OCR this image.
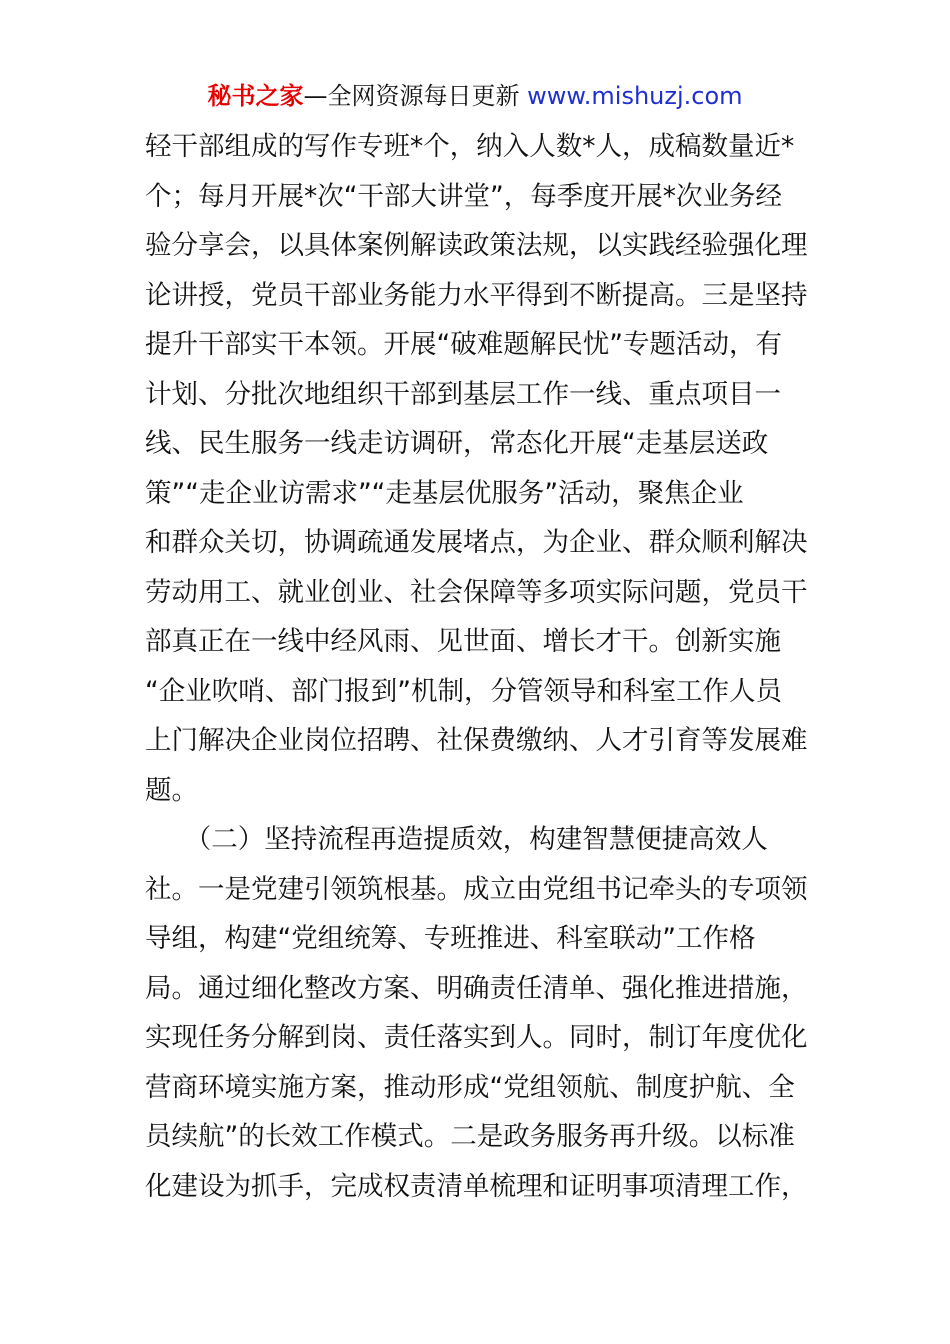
秘书之家—全网资源每日更新 www.mishuzj.com
轻干部组成的写作专班*个，纳入人数*人，成稿数量近*
个；每月开展*次“干部大讲堂”，每季度开展*次业务经
验分享会，以具体案例解读政策法规，以实践经验强化理
论讲授，党员干部业务能力水平得到不断提高。三是坚持
提升干部实干本领。开展“破难题解民忧”专题活动，有
计划、分批次地组织干部到基层工作一线、重点项目一
线、民生服务一线走访调研，常态化开展“走基层送政
策”“走企业访需求”“走基层优服务”活动，聚焦企业
和群众关切，协调疏通发展堵点，为企业、群众顺利解决
劳动用工、就业创业、社会保障等多项实际问题，党员干
部真正在一线中经风雨、见世面、增长才干。创新实施
“企业吹哨、部门报到”机制，分管领导和科室工作人员
上门解决企业岗位招聘、社保费缴纳、人才引育等发展难
题。
　　（二）坚持流程再造提质效，构建智慧便捷高效人
社。一是党建引领筑根基。成立由党组书记牵头的专项领
导组，构建“党组统筹、专班推进、科室联动”工作格
局。通过细化整改方案、明确责任清单、强化推进措施，
实现任务分解到岗、责任落实到人。同时，制订年度优化
营商环境实施方案，推动形成“党组领航、制度护航、全
员续航”的长效工作模式。二是政务服务再升级。以标准
化建设为抓手，完成权责清单梳理和证明事项清理工作，
